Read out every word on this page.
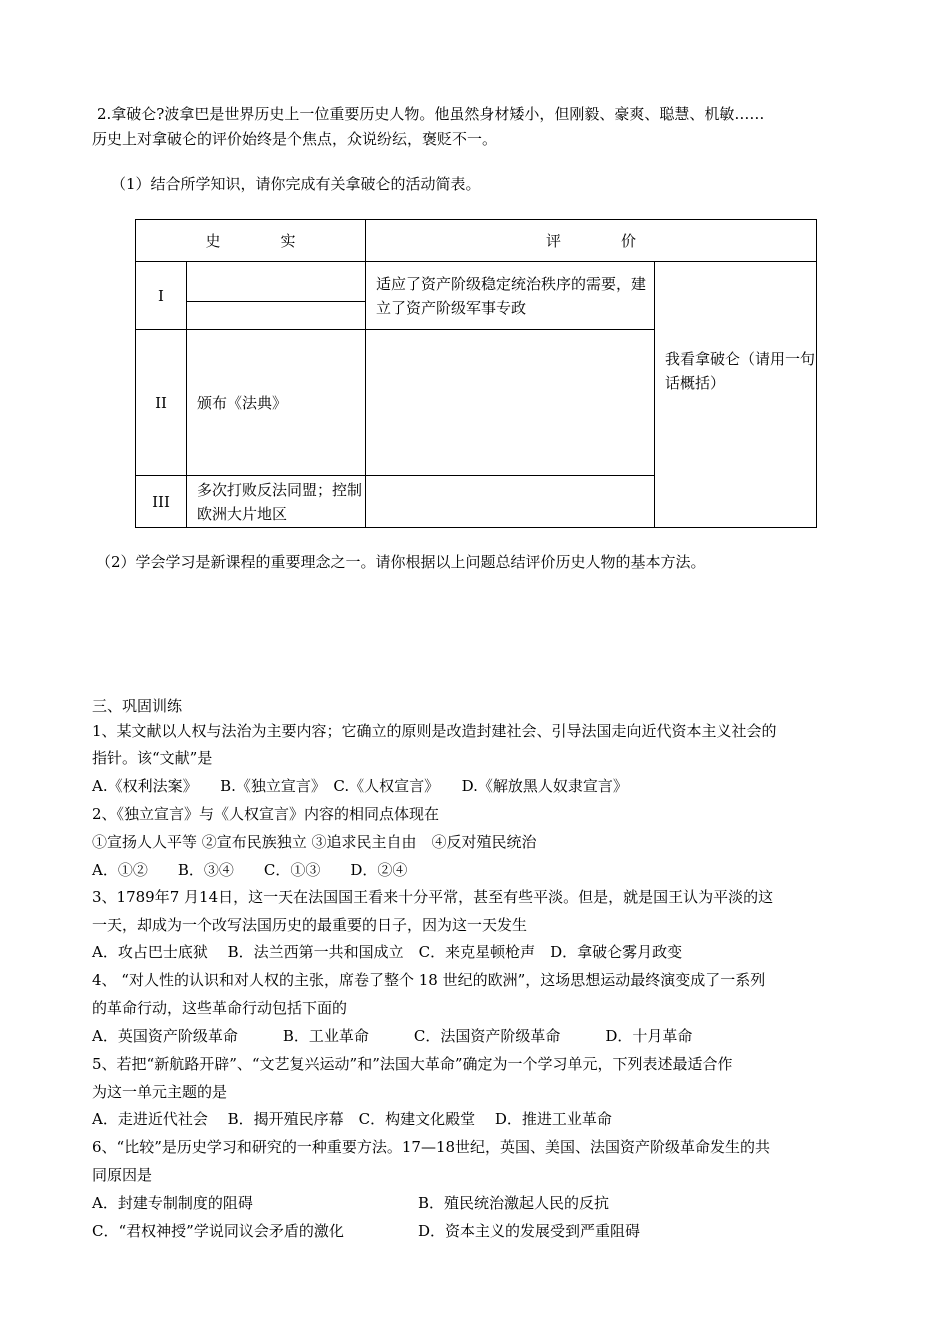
2.拿破仑?波拿巴是世界历史上一位重要历史人物。他虽然身材矮小，但刚毅、豪爽、聪慧、机敏……
历史上对拿破仑的评价始终是个焦点，众说纷纭，褒贬不一。
（1）结合所学知识，请你完成有关拿破仑的活动简表。
史　　　　实		评　　　　价	
I		适应了资产阶级稳定统治秩序的需要，建立了资产阶级军事专政	我看拿破仑（请用一句话概括）

II	颁布《法典》		
III	多次打败反法同盟；控制欧洲大片地区		
（2）学会学习是新课程的重要理念之一。请你根据以上问题总结评价历史人物的基本方法。
三、巩固训练
1、某文献以人权与法治为主要内容；它确立的原则是改造封建社会、引导法国走向近代资本主义社会的
指针。该“文献”是
A.《权利法案》　　B.《独立宣言》　C.《人权宣言》　　D.《解放黑人奴隶宣言》
2、《独立宣言》与《人权宣言》内容的相同点体现在
①宣扬人人平等 ②宣布民族独立 ③追求民主自由　④反对殖民统治
A．①②　　B．③④　　C．①③　　D．②④
3、1789年7 月14日，这一天在法国国王看来十分平常，甚至有些平淡。但是，就是国王认为平淡的这
一天，却成为一个改写法国历史的最重要的日子，因为这一天发生
A．攻占巴士底狱　 B．法兰西第一共和国成立　C．来克星顿枪声　D．拿破仑雾月政变
4、 “对人性的认识和对人权的主张，席卷了整个 18 世纪的欧洲”，这场思想运动最终演变成了一系列
的革命行动，这些革命行动包括下面的
A．英国资产阶级革命　　　B．工业革命　　　C．法国资产阶级革命　　　D．十月革命
5、若把“新航路开辟”、“文艺复兴运动”和”法国大革命”确定为一个学习单元，下列表述最适合作
为这一单元主题的是
A．走进近代社会　 B．揭开殖民序幕　C．构建文化殿堂　 D．推进工业革命
6、“比较”是历史学习和研究的一种重要方法。17—18世纪，英国、美国、法国资产阶级革命发生的共
同原因是
A．封建专制制度的阻碍	B．殖民统治激起人民的反抗
C．“君权神授”学说同议会矛盾的激化	D．资本主义的发展受到严重阻碍
